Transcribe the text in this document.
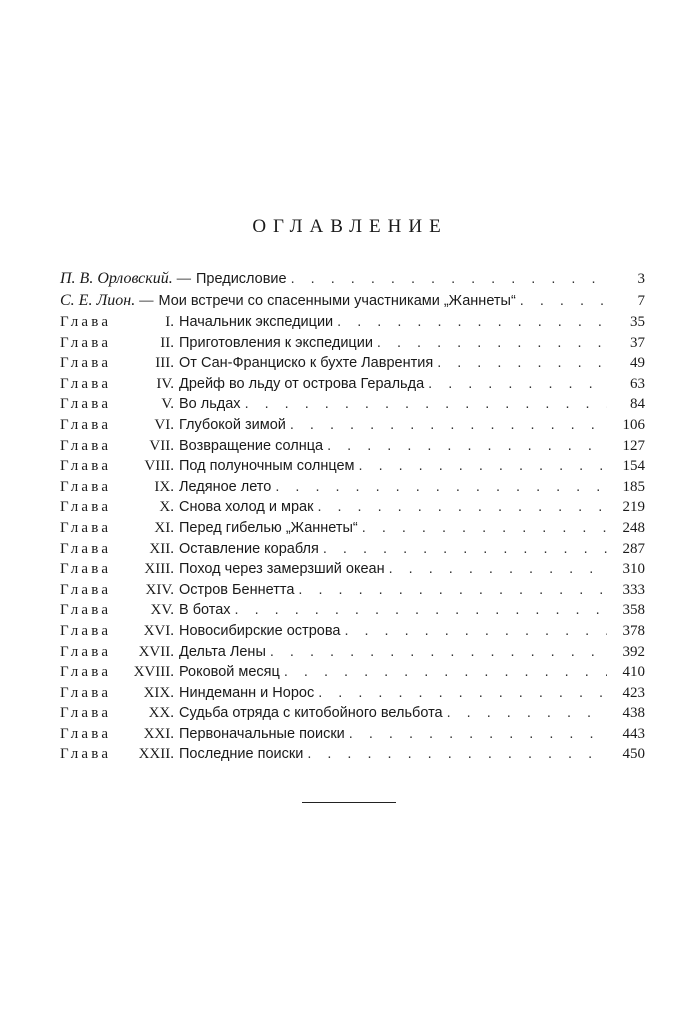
ОГЛАВЛЕНИЕ
П. В. Орловский. — Предисловие . . .	3
С. Е. Лион. — Мои встречи со спасенными участниками „Жаннеты“ . . .	7
Глава	I. Начальник экспедиции . . .	35
Глава	II. Приготовления к экспедиции . . .	37
Глава	III. От Сан-Франциско к бухте Лаврентия . . .	49
Глава	IV. Дрейф во льду от острова Геральда . . .	63
Глава	V. Во льдах . . .	84
Глава	VI. Глубокой зимой . . .	106
Глава	VII. Возвращение солнца . . .	127
Глава	VIII. Под полуночным солнцем . . .	154
Глава	IX. Ледяное лето . . .	185
Глава	X. Снова холод и мрак . . .	219
Глава	XI. Перед гибелью „Жаннеты“ . . .	248
Глава	XII. Оставление корабля . . .	287
Глава	XIII. Поход через замерзший океан . . .	310
Глава	XIV. Остров Беннетта . . .	333
Глава	XV. В ботах . . .	358
Глава	XVI. Новосибирские острова . . .	378
Глава	XVII. Дельта Лены . . .	392
Глава	XVIII. Роковой месяц . . .	410
Глава	XIX. Ниндеманн и Норос . . .	423
Глава	XX. Судьба отряда с китобойного вельбота . . .	438
Глава	XXI. Первоначальные поиски . . .	443
Глава	XXII. Последние поиски . . .	450
